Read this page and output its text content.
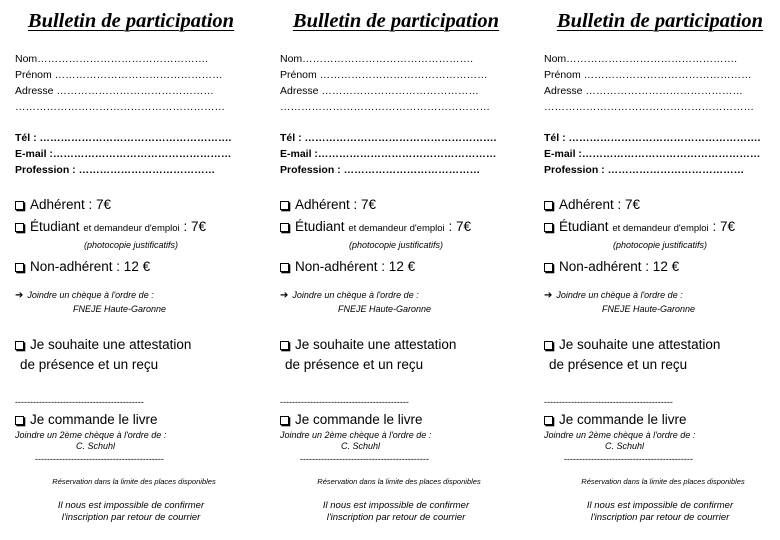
Bulletin de participation
Nom………………………………………….
Prénom …………………………………………
Adresse ………………………………………
……………………………………………………
Tél : ……………………………………………….
E-mail :……………………………………………
Profession : …………………………………
Adhérent : 7€
Étudiant et demandeur d'emploi : 7€
(photocopie justificatifs)
Non-adhérent : 12 €
➔ Joindre un chèque à l'ordre de :
FNEJE Haute-Garonne
Je souhaite une attestation
de présence et un reçu
-------------------------------------------
Je commande le livre
Joindre un 2ème chèque à l'ordre de :
C. Schuhl
-------------------------------------------
Réservation dans la limite des places disponibles
Il nous est impossible de confirmer
l'inscription par retour de courrier
Bulletin de participation
Nom………………………………………….
Prénom …………………………………………
Adresse ………………………………………
……………………………………………………
Tél : ……………………………………………….
E-mail :……………………………………………
Profession : …………………………………
Adhérent : 7€
Étudiant et demandeur d'emploi : 7€
(photocopie justificatifs)
Non-adhérent : 12 €
➔ Joindre un chèque à l'ordre de :
FNEJE Haute-Garonne
Je souhaite une attestation
de présence et un reçu
-------------------------------------------
Je commande le livre
Joindre un 2ème chèque à l'ordre de :
C. Schuhl
-------------------------------------------
Réservation dans la limite des places disponibles
Il nous est impossible de confirmer
l'inscription par retour de courrier
Bulletin de participation
Nom………………………………………….
Prénom …………………………………………
Adresse ………………………………………
……………………………………………………
Tél : ……………………………………………….
E-mail :……………………………………………
Profession : …………………………………
Adhérent : 7€
Étudiant et demandeur d'emploi : 7€
(photocopie justificatifs)
Non-adhérent : 12 €
➔ Joindre un chèque à l'ordre de :
FNEJE Haute-Garonne
Je souhaite une attestation
de présence et un reçu
-------------------------------------------
Je commande le livre
Joindre un 2ème chèque à l'ordre de :
C. Schuhl
-------------------------------------------
Réservation dans la limite des places disponibles
Il nous est impossible de confirmer
l'inscription par retour de courrier
